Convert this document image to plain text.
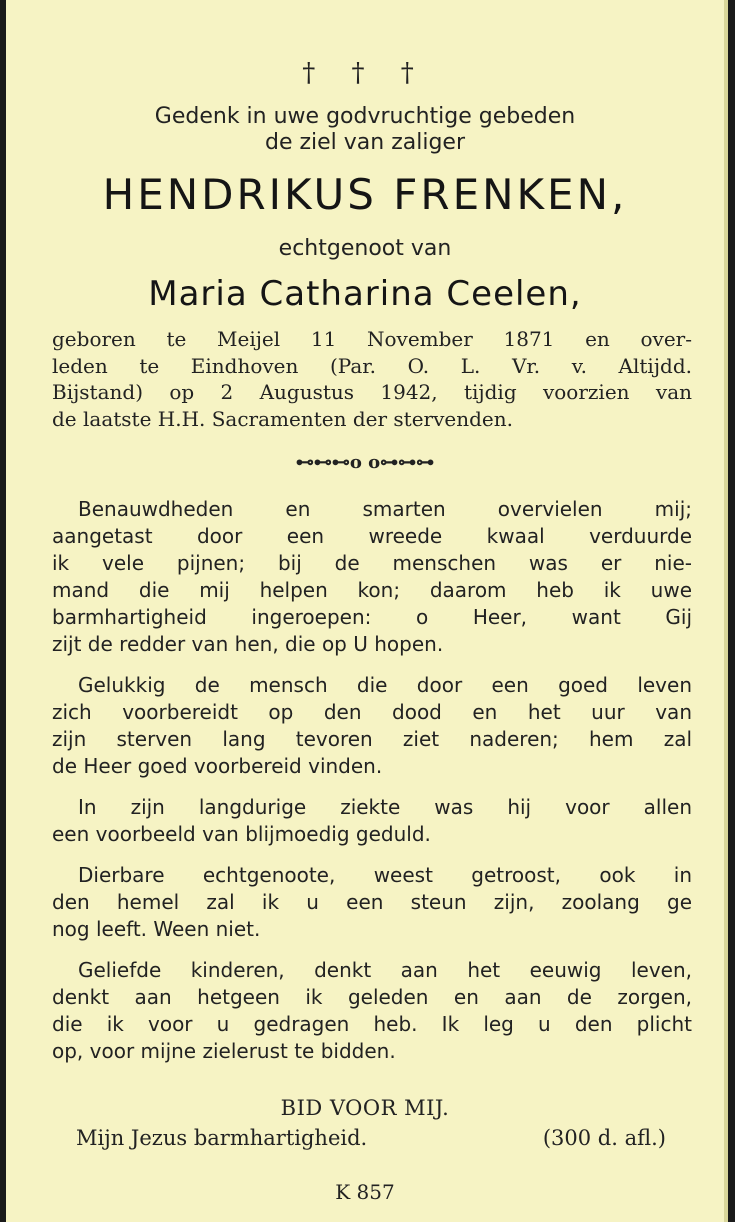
† † †
Gedenk in uwe godvruchtige gebeden
de ziel van zaliger
HENDRIKUS FRENKEN,
echtgenoot van
Maria Catharina Ceelen,
geboren te Meijel 11 November 1871 en over-
leden te Eindhoven (Par. O. L. Vr. v. Altijdd.
Bijstand) op 2 Augustus 1942, tijdig voorzien van
de laatste H.H. Sacramenten der stervenden.
⊷⊷⊷ο ο⊶⊶⊶
Benauwdheden en smarten overvielen mij;
aangetast door een wreede kwaal verduurde
ik vele pijnen; bij de menschen was er nie-
mand die mij helpen kon; daarom heb ik uwe
barmhartigheid ingeroepen: o Heer, want Gij
zijt de redder van hen, die op U hopen.
Gelukkig de mensch die door een goed leven
zich voorbereidt op den dood en het uur van
zijn sterven lang tevoren ziet naderen; hem zal
de Heer goed voorbereid vinden.
In zijn langdurige ziekte was hij voor allen
een voorbeeld van blijmoedig geduld.
Dierbare echtgenoote, weest getroost, ook in
den hemel zal ik u een steun zijn, zoolang ge
nog leeft. Ween niet.
Geliefde kinderen, denkt aan het eeuwig leven,
denkt aan hetgeen ik geleden en aan de zorgen,
die ik voor u gedragen heb. Ik leg u den plicht
op, voor mijne zielerust te bidden.
BID VOOR MIJ.
Mijn Jezus barmhartigheid.	(300 d. afl.)
K 857
